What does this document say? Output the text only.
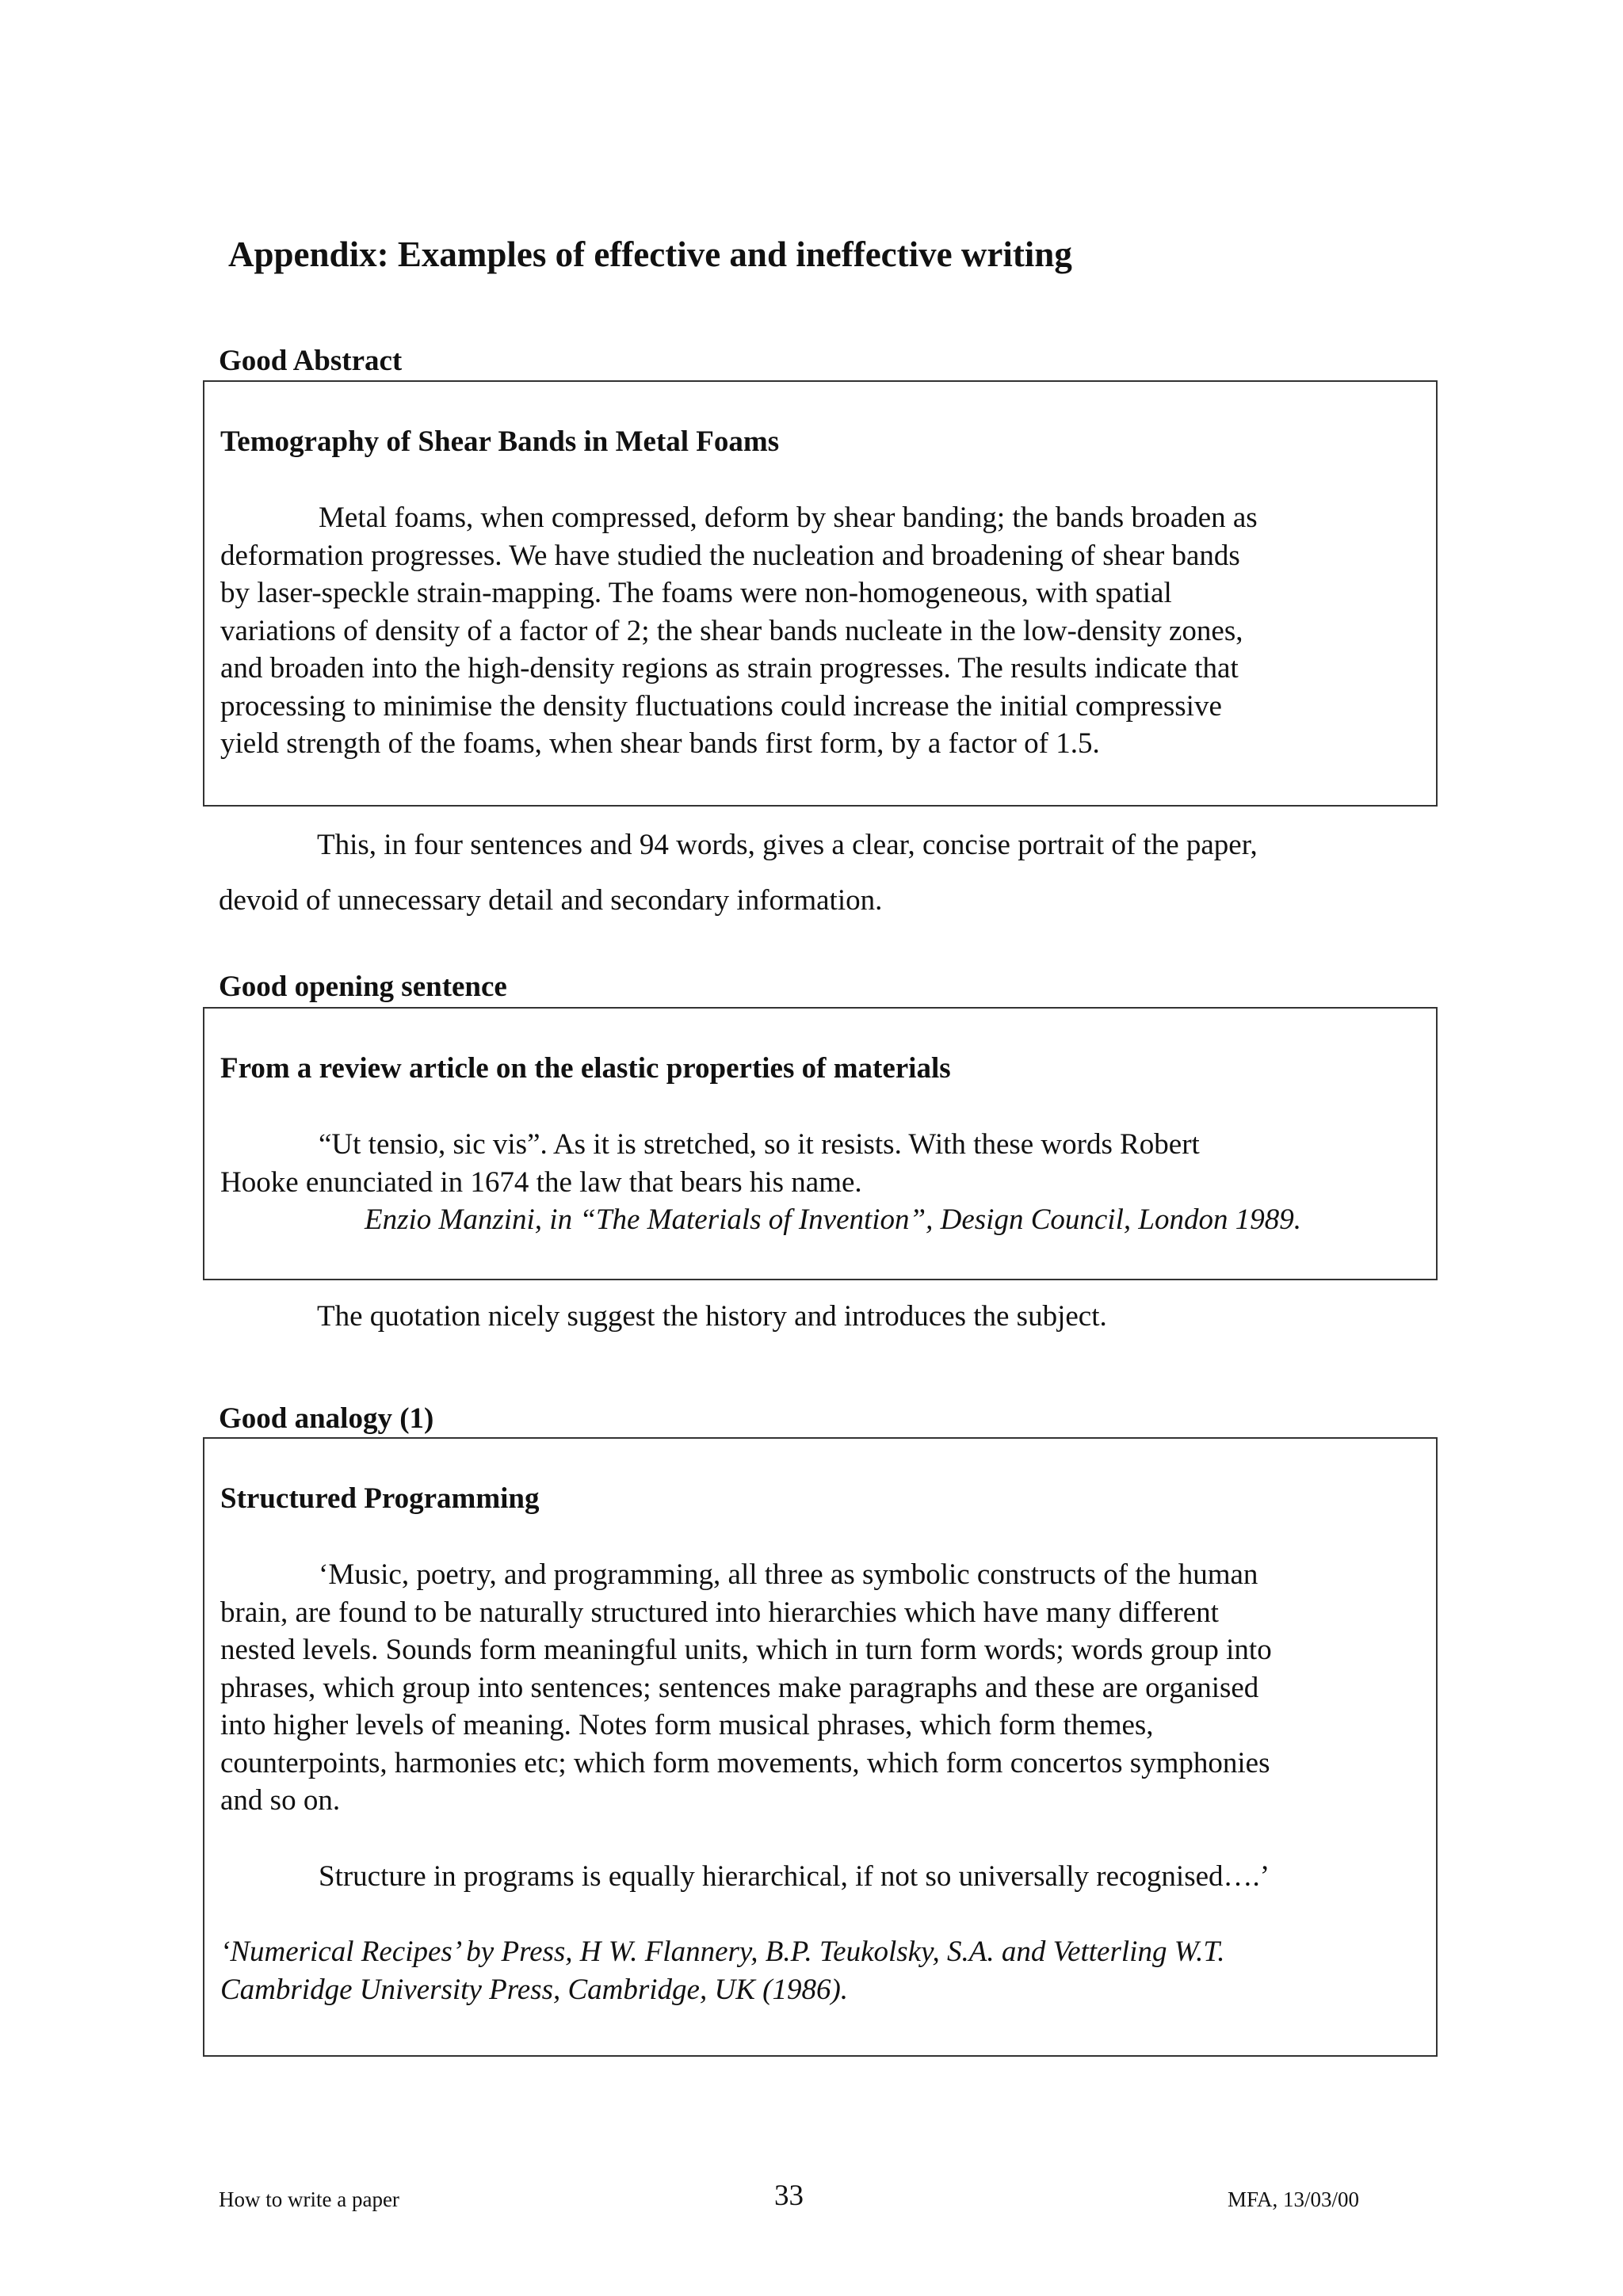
Appendix: Examples of effective and ineffective writing
Good Abstract
Temography of Shear Bands in Metal Foams

Metal foams, when compressed, deform by shear banding; the bands broaden as
deformation progresses. We have studied the nucleation and broadening of shear bands
by laser-speckle strain-mapping. The foams were non-homogeneous, with spatial
variations of density of a factor of 2; the shear bands nucleate in the low-density zones,
and broaden into the high-density regions as strain progresses. The results indicate that
processing to minimise the density fluctuations could increase the initial compressive
yield strength of the foams, when shear bands first form, by a factor of 1.5.

This, in four sentences and 94 words, gives a clear, concise portrait of the paper,
devoid of unnecessary detail and secondary information.

Good opening sentence
From a review article on the elastic properties of materials

“Ut tensio, sic vis”. As it is stretched, so it resists. With these words Robert
Hooke enunciated in 1674 the law that bears his name.

Enzio Manzini, in “The Materials of Invention”, Design Council, London 1989.

The quotation nicely suggest the history and introduces the subject.

Good analogy (1)
Structured Programming

‘Music, poetry, and programming, all three as symbolic constructs of the human
brain, are found to be naturally structured into hierarchies which have many different
nested levels. Sounds form meaningful units, which in turn form words; words group into
phrases, which group into sentences; sentences make paragraphs and these are organised
into higher levels of meaning. Notes form musical phrases, which form themes,
counterpoints, harmonies etc; which form movements, which form concertos symphonies
and so on.

Structure in programs is equally hierarchical, if not so universally recognised….’

‘Numerical Recipes’ by Press, H W. Flannery, B.P. Teukolsky, S.A. and Vetterling W.T.
Cambridge University Press, Cambridge, UK (1986).

How to write a paper	33	MFA, 13/03/00
